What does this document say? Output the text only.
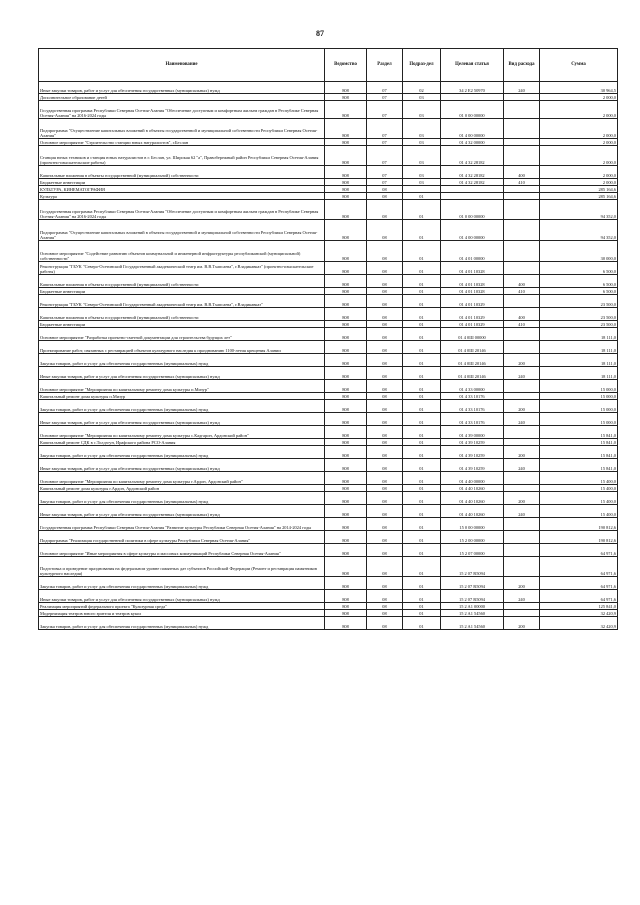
87
Наименование	Ведомство	Раздел	Подраз-дел	Целевая статья	Вид расхода	Сумма
Иные закупки товаров, работ и услуг для обеспечения государственных (муниципальных) нужд	808	07	02	34 2 E2 50970	240	30 964,5
Дополнительное образование детей	808	07	03			2 000,0
Государственная программа Республики Северная Осетия-Алания "Обеспечение доступным и комфортным жильем граждан в Республике Северная Осетия-Алания" на 2016-2024 годы	808	07	03	01 0 00 00000		2 000,0
Подпрограмма "Осуществление капитальных вложений в объекты государственной и муниципальной собственности Республики Северная Осетия-Алания"	808	07	03	01 4 00 00000		2 000,0
Основное мероприятие "Строительство станции юных натуралистов", г.Беслан	808	07	03	01 4 32 00000		2 000,0
Станция юных техников и станция юных натуралистов в г. Беслан, ул. Широкая 62 "а", Правобережный район Республики Северная Осетия-Алания (проектно-изыскательские работы)	808	07	03	01 4 32 28182		2 000,0
Капитальные вложения в объекты государственной (муниципальной) собственности	808	07	03	01 4 32 28182	400	2 000,0
Бюджетные инвестиции	808	07	03	01 4 32 28182	410	2 000,0
КУЛЬТУРА, КИНЕМАТОГРАФИЯ	808	08				285 164,6
Культура	808	08	01			285 164,6
Государственная программа Республики Северная Осетия-Алания "Обеспечение доступным и комфортным жильем граждан в Республике Северная Осетия-Алания" на 2016-2024 годы	808	08	01	01 0 00 00000		94 352,0
Подпрограмма "Осуществление капитальных вложений в объекты государственной и муниципальной собственности Республики Северная Осетия-Алания"	808	08	01	01 4 00 00000		94 352,0
Основное мероприятие "Содействие развитию объектов коммунальной и инженерной инфраструктуры республиканской (муниципальной) собственности"	808	08	01	01 4 01 00000		30 000,0
Реконструкция "ГБУК "Северо-Осетинский Государственный академический театр им. В.В.Тхапсаева", г.Владикавказ" (проектно-изыскательские работы)	808	08	01	01 4 01 10328		6 500,0
Капитальные вложения в объекты государственной (муниципальной) собственности	808	08	01	01 4 01 10328	400	6 500,0
Бюджетные инвестиции	808	08	01	01 4 01 10328	410	6 500,0
Реконструкция "ГБУК "Северо-Осетинский Государственный академический театр им. В.В.Тхапсаева", г.Владикавказ"	808	08	01	01 4 01 10329		23 500,0
Капитальные вложения в объекты государственной (муниципальной) собственности	808	08	01	01 4 01 10329	400	23 500,0
Бюджетные инвестиции	808	08	01	01 4 01 10329	410	23 500,0
Основное мероприятие "Разработка проектно-сметной документации для строительства будущих лет"	808	08	01	01 4 0Ш 00000		18 111,0
Проектирование работ, связанных с реставрацией объектов культурного наследия к празднованию 1100-летия крещения Алании	808	08	01	01 4 0Ш 20146		18 111,0
Закупка товаров, работ и услуг для обеспечения государственных (муниципальных) нужд	808	08	01	01 4 0Ш 20146	200	18 111,0
Иные закупки товаров, работ и услуг для обеспечения государственных (муниципальных) нужд	808	08	01	01 4 0Ш 20146	240	18 111,0
Основное мероприятие "Мероприятия по капитальному ремонту дома культуры п.Мизур"	808	08	01	01 4 33 00000		15 000,0
Капитальный ремонт дома культуры п.Мизур	808	08	01	01 4 33 10176		15 000,0
Закупка товаров, работ и услуг для обеспечения государственных (муниципальных) нужд	808	08	01	01 4 33 10176	200	15 000,0
Иные закупки товаров, работ и услуг для обеспечения государственных (муниципальных) нужд	808	08	01	01 4 33 10176	240	15 000,0
Основное мероприятие "Мероприятия по капитальному ремонту дома культуры с.Кадгарон, Ардонский район"	808	08	01	01 4 39 00000		15 841,0
Капитальный ремонт СДК в с.Толдзгун, Ирафского района РСО-Алания	808	08	01	01 4 39 10259		15 841,0
Закупка товаров, работ и услуг для обеспечения государственных (муниципальных) нужд	808	08	01	01 4 39 10259	200	15 841,0
Иные закупки товаров, работ и услуг для обеспечения государственных (муниципальных) нужд	808	08	01	01 4 39 10259	240	15 841,0
Основное мероприятие "Мероприятия по капитальному ремонту дома культуры г.Ардон, Ардонский район"	808	08	01	01 4 40 00000		15 400,0
Капитальный ремонт дома культуры г.Ардон, Ардонский район	808	08	01	01 4 40 10260		15 400,0
Закупка товаров, работ и услуг для обеспечения государственных (муниципальных) нужд	808	08	01	01 4 40 10260	200	15 400,0
Иные закупки товаров, работ и услуг для обеспечения государственных (муниципальных) нужд	808	08	01	01 4 40 10260	240	15 400,0
Государственная программа Республики Северная Осетия-Алания "Развитие культуры Республики Северная Осетия-Алания" на 2014-2024 годы	808	08	01	15 0 00 00000		190 812,6
Подпрограмма "Реализация государственной политики в сфере культуры Республики Северная Осетия-Алания"	808	08	01	15 2 00 00000		190 812,6
Основное мероприятие "Иные мероприятия в сфере культуры и массовых коммуникаций Республики Северная Осетия-Алания"	808	08	01	15 2 07 00000		64 971,6
Подготовка и проведение празднования на федеральном уровне памятных дат субъектов Российской Федерации (Ремонт и реставрация памятников культурного наследия)	808	08	01	15 2 07 R5094		64 971,6
Закупка товаров, работ и услуг для обеспечения государственных (муниципальных) нужд	808	08	01	15 2 07 R5094	200	64 971,6
Иные закупки товаров, работ и услуг для обеспечения государственных (муниципальных) нужд	808	08	01	15 2 07 R5094	240	64 971,6
Реализация мероприятий федерального проекта "Культурная среда"	808	08	01	15 2 A1 00000		125 841,0
Модернизация театров юного зрителя и театров кукол	808	08	01	15 2 A1 54560		32 420,9
Закупка товаров, работ и услуг для обеспечения государственных (муниципальных) нужд	808	08	01	15 2 A1 54560	200	32 420,9
